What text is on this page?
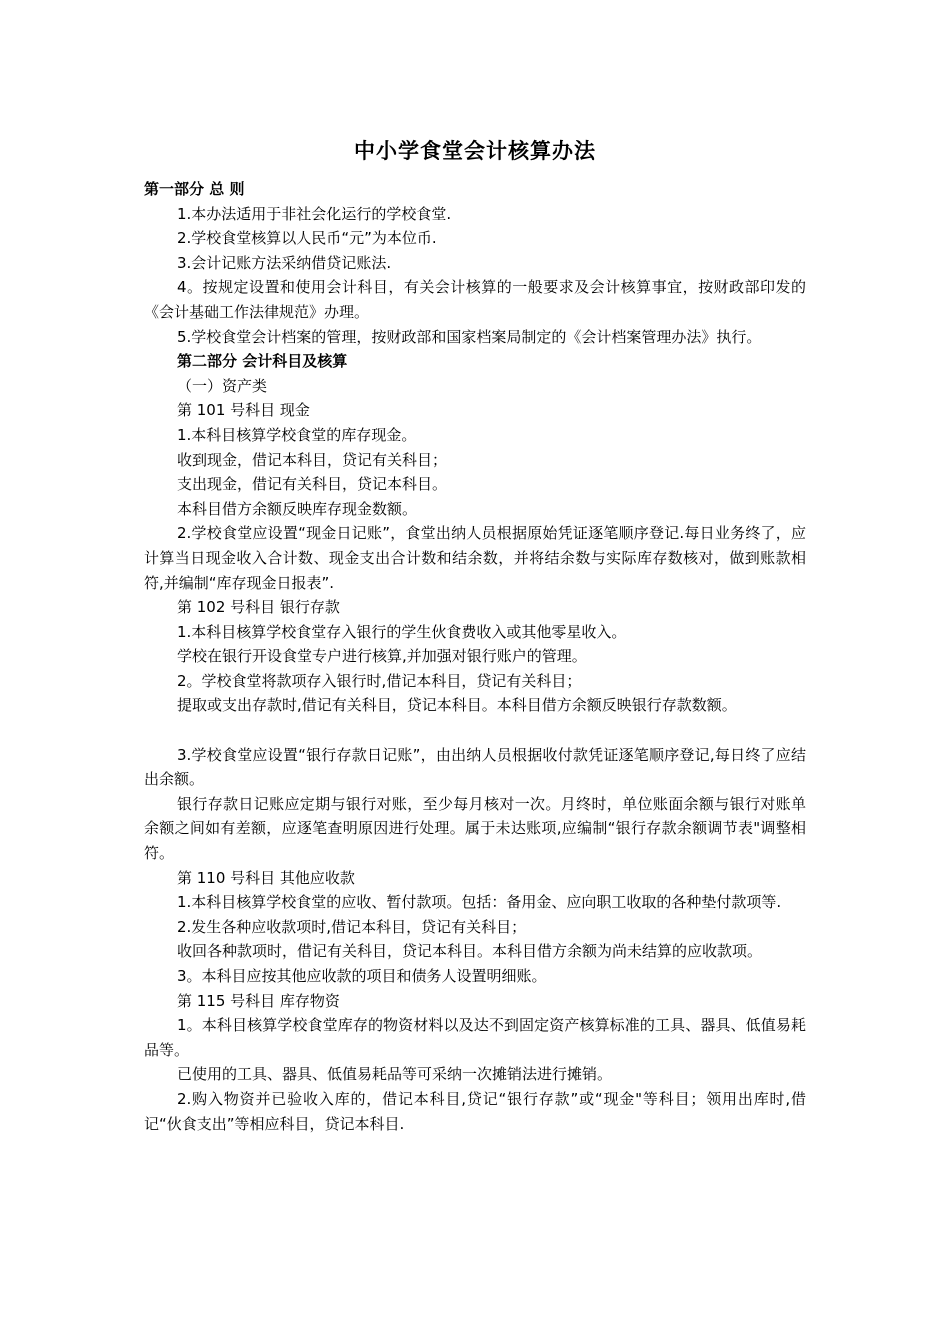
中小学食堂会计核算办法

第一部分 总 则

1.本办法适用于非社会化运行的学校食堂.

2.学校食堂核算以人民币“元”为本位币.

3.会计记账方法采纳借贷记账法.

4。按规定设置和使用会计科目，有关会计核算的一般要求及会计核算事宜，按财政部印发的《会计基础工作法律规范》办理。

5.学校食堂会计档案的管理，按财政部和国家档案局制定的《会计档案管理办法》执行。

第二部分 会计科目及核算

（一）资产类

第 101 号科目 现金

1.本科目核算学校食堂的库存现金。

收到现金，借记本科目，贷记有关科目；

支出现金，借记有关科目，贷记本科目。

本科目借方余额反映库存现金数额。

2.学校食堂应设置“现金日记账”，食堂出纳人员根据原始凭证逐笔顺序登记.每日业务终了，应计算当日现金收入合计数、现金支出合计数和结余数，并将结余数与实际库存数核对，做到账款相符,并编制“库存现金日报表”.

第 102 号科目 银行存款

1.本科目核算学校食堂存入银行的学生伙食费收入或其他零星收入。

学校在银行开设食堂专户进行核算,并加强对银行账户的管理。

2。学校食堂将款项存入银行时,借记本科目，贷记有关科目；

提取或支出存款时,借记有关科目，贷记本科目。本科目借方余额反映银行存款数额。

3.学校食堂应设置“银行存款日记账”，由出纳人员根据收付款凭证逐笔顺序登记,每日终了应结出余额。

银行存款日记账应定期与银行对账，至少每月核对一次。月终时，单位账面余额与银行对账单余额之间如有差额，应逐笔查明原因进行处理。属于未达账项,应编制“银行存款余额调节表"调整相符。

第 110 号科目 其他应收款

1.本科目核算学校食堂的应收、暂付款项。包括：备用金、应向职工收取的各种垫付款项等.

2.发生各种应收款项时,借记本科目，贷记有关科目；

收回各种款项时，借记有关科目，贷记本科目。本科目借方余额为尚未结算的应收款项。

3。本科目应按其他应收款的项目和债务人设置明细账。

第 115 号科目 库存物资

1。本科目核算学校食堂库存的物资材料以及达不到固定资产核算标准的工具、器具、低值易耗品等。

已使用的工具、器具、低值易耗品等可采纳一次摊销法进行摊销。

2.购入物资并已验收入库的，借记本科目,贷记“银行存款”或“现金"等科目；领用出库时,借记“伙食支出”等相应科目，贷记本科目.
